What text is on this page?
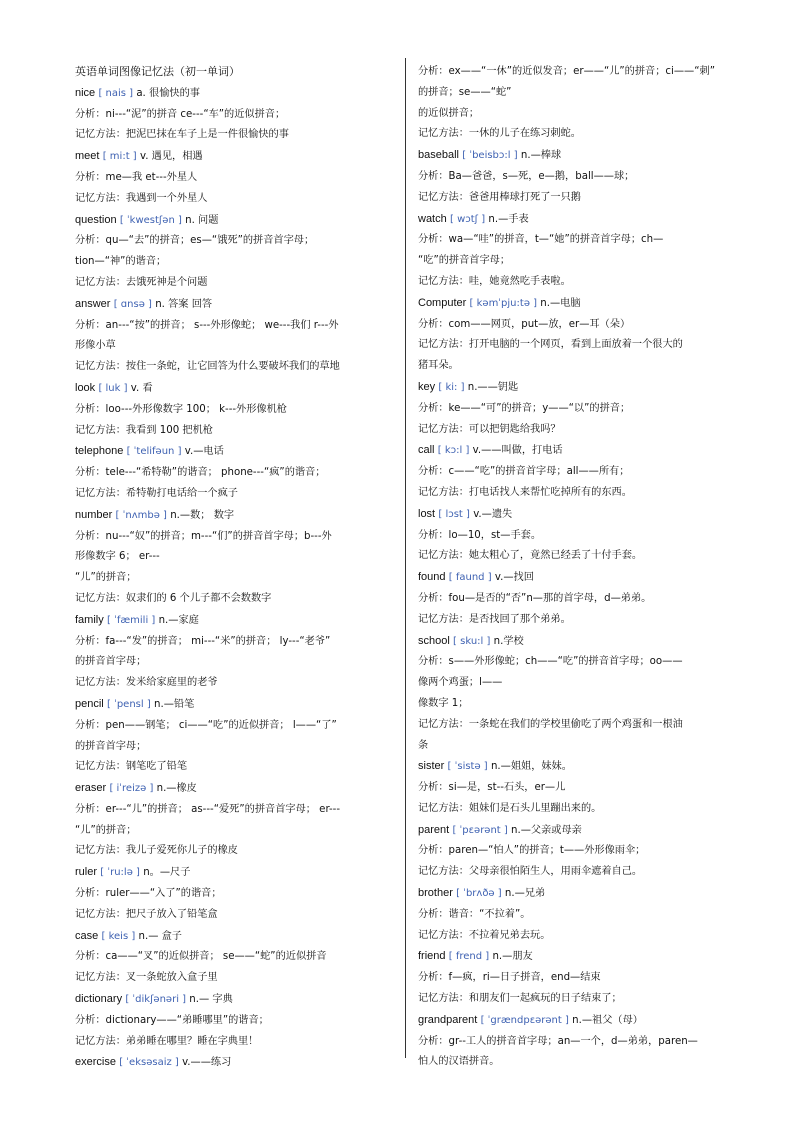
英语单词图像记忆法（初一单词）
nice [ nais ] a. 很愉快的事
分析：ni---“泥”的拼音 ce---“车”的近似拼音；
记忆方法：把泥巴抹在车子上是一件很愉快的事
meet [ mi:t ] v. 遇见，相遇
分析：me—我 et---外星人
记忆方法：我遇到一个外星人
question [ ˈkwestʃən ] n. 问题
分析：qu—“去”的拼音；es—“饿死”的拼音首字母；
tion—“神”的谐音；
记忆方法：去饿死神是个问题
answer [ ɑnsə ] n. 答案 回答
分析：an---“按”的拼音； s---外形像蛇； we---我们 r---外
形像小草
记忆方法：按住一条蛇，让它回答为什么要破坏我们的草地
look [ luk ] v. 看
分析：loo---外形像数字 100； k---外形像机枪
记忆方法：我看到 100 把机枪
telephone [ ˈtelifəun ] v.—电话
分析：tele---“希特勒”的谐音； phone---“疯”的谐音；
记忆方法：希特勒打电话给一个疯子
number [ ˈnʌmbə ] n.—数； 数字
分析：nu---“奴”的拼音；m---“们”的拼音首字母；b---外
形像数字 6； er---
“儿”的拼音；
记忆方法：奴隶们的 6 个儿子都不会数数字
family [ ˈfæmili ] n.—家庭
分析：fa---“发”的拼音； mi---“米”的拼音； ly---“老爷”
的拼音首字母；
记忆方法：发米给家庭里的老爷
pencil [ ˈpensl ] n.—铅笔
分析：pen——钢笔； ci——“吃”的近似拼音； l——“了”
的拼音首字母；
记忆方法：钢笔吃了铅笔
eraser [ iˈreizə ] n.—橡皮
分析：er---“儿”的拼音； as---“爱死”的拼音首字母； er---
“儿”的拼音；
记忆方法：我儿子爱死你儿子的橡皮
ruler [ ˈru:lə ] n。—尺子
分析：ruler——“入了”的谐音；
记忆方法：把尺子放入了铅笔盒
case [ keis ] n.— 盒子
分析：ca——“叉”的近似拼音； se——“蛇”的近似拼音
记忆方法：叉一条蛇放入盒子里
dictionary [ ˈdikʃənəri ] n.— 字典
分析：dictionary——“弟睡哪里”的谐音；
记忆方法：弟弟睡在哪里？睡在字典里！
exercise [ ˈeksəsaiz ] v.——练习
分析：ex——“一休”的近似发音；er——“儿”的拼音；ci——“刺”
的拼音；se——“蛇”
的近似拼音；
记忆方法：一休的儿子在练习刺蛇。
baseball [ ˈbeisbɔ:l ] n.—棒球
分析：Ba—爸爸，s—死，e—鹅，ball——球；
记忆方法：爸爸用棒球打死了一只鹅
watch [ wɔtʃ ] n.—手表
分析：wa—“哇”的拼音，t—“她”的拼音首字母；ch—
“吃”的拼音首字母；
记忆方法：哇，她竟然吃手表啦。
Computer [ kəmˈpju:tə ] n.—电脑
分析：com——网页，put—放，er—耳（朵）
记忆方法：打开电脑的一个网页，看到上面放着一个很大的
猪耳朵。
key [ ki: ] n.——钥匙
分析：ke——“可”的拼音；y——“以”的拼音；
记忆方法：可以把钥匙给我吗？
call [ kɔ:l ] v.——叫做，打电话
分析：c——“吃”的拼音首字母；all——所有；
记忆方法：打电话找人来帮忙吃掉所有的东西。
lost [ lɔst ] v.—遗失
分析：lo—10，st—手套。
记忆方法：她太粗心了，竟然已经丢了十付手套。
found [ faund ] v.—找回
分析：fou—是否的“否”n—那的首字母，d—弟弟。
记忆方法：是否找回了那个弟弟。
school [ sku:l ] n.学校
分析：s——外形像蛇；ch——“吃”的拼音首字母；oo——
像两个鸡蛋；l——
像数字 1；
记忆方法：一条蛇在我们的学校里偷吃了两个鸡蛋和一根油
条
sister [ ˈsistə ] n.—姐姐，妹妹。
分析：si—是，st--石头，er—儿
记忆方法：姐妹们是石头儿里蹦出来的。
parent [ ˈpɛərənt ] n.—父亲或母亲
分析：paren—“怕人”的拼音；t——外形像雨伞；
记忆方法：父母亲很怕陌生人，用雨伞遮着自己。
brother [ ˈbrʌðə ] n.—兄弟
分析：谐音：“不拉着”。
记忆方法：不拉着兄弟去玩。
friend [ frend ] n.—朋友
分析：f—疯，ri—日子拼音，end—结束
记忆方法：和朋友们一起疯玩的日子结束了；
grandparent [ ˈgrændpɛərənt ] n.—祖父（母）
分析：gr--工人的拼音首字母；an—一个，d—弟弟，paren—
怕人的汉语拼音。
